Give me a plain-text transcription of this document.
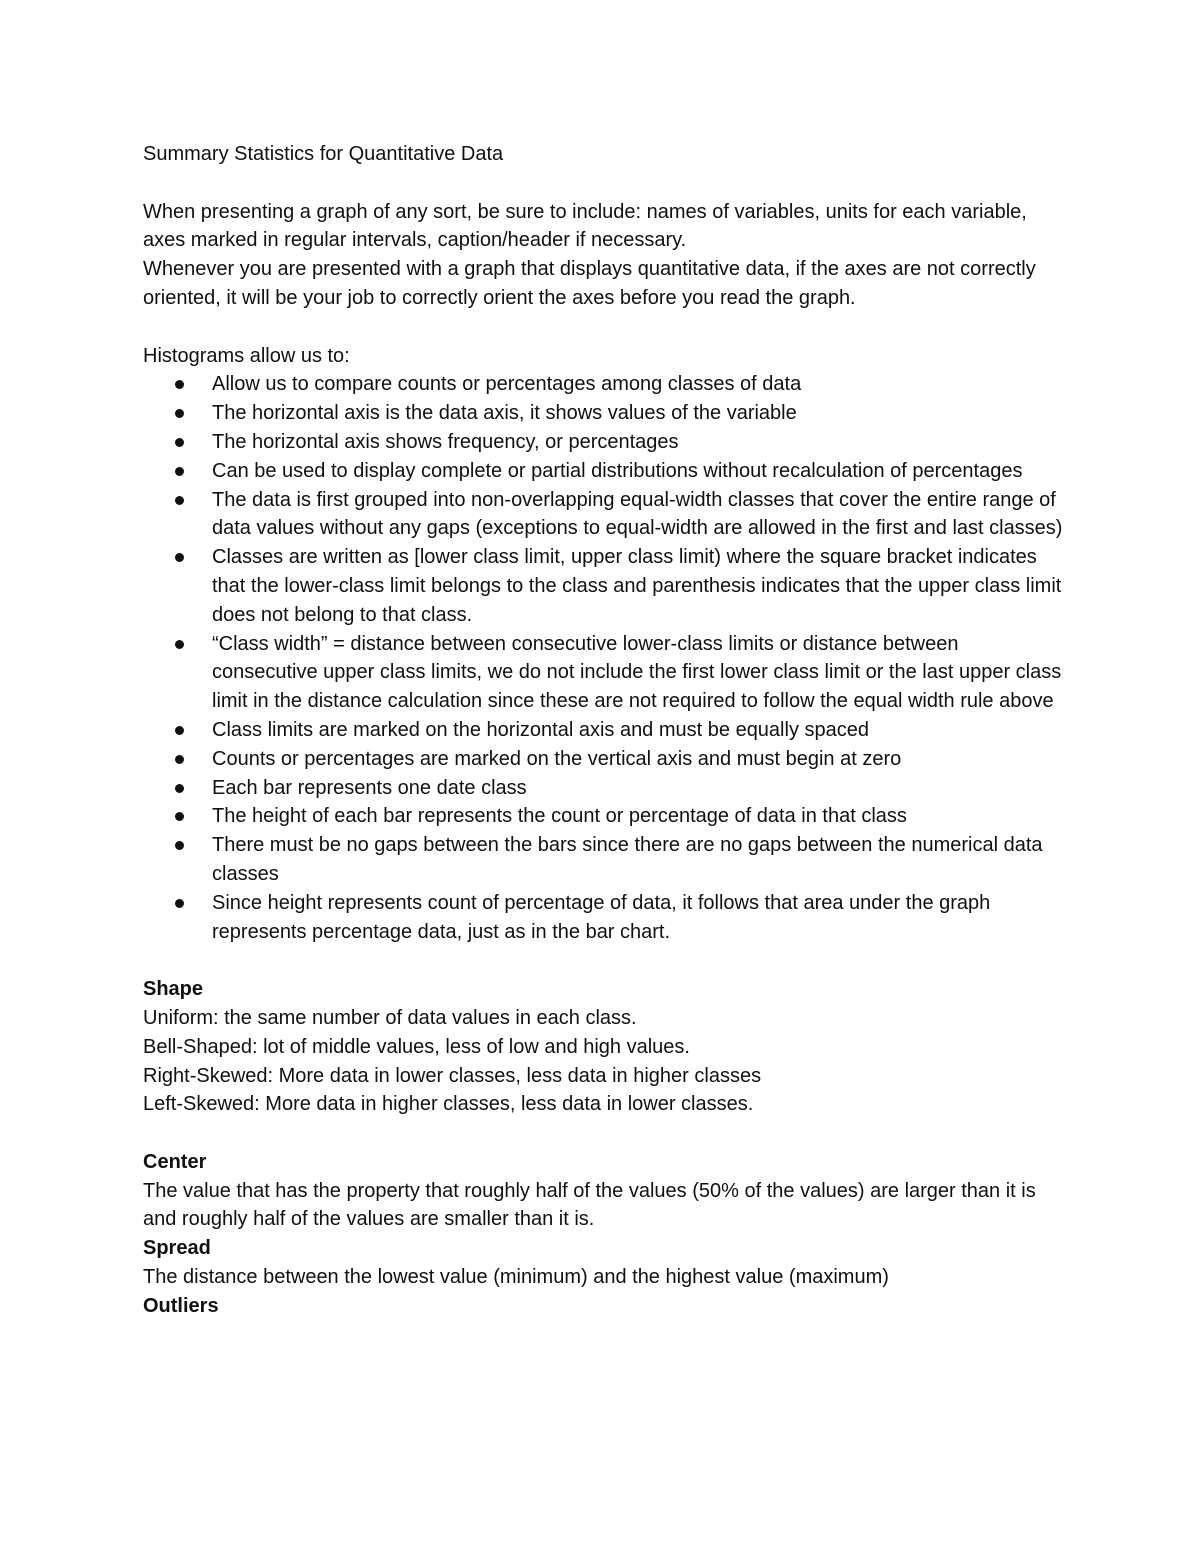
Summary Statistics for Quantitative Data

When presenting a graph of any sort, be sure to include: names of variables, units for each variable, axes marked in regular intervals, caption/header if necessary.

Whenever you are presented with a graph that displays quantitative data, if the axes are not correctly oriented, it will be your job to correctly orient the axes before you read the graph.

Histograms allow us to:

Allow us to compare counts or percentages among classes of data
The horizontal axis is the data axis, it shows values of the variable
The horizontal axis shows frequency, or percentages
Can be used to display complete or partial distributions without recalculation of percentages
The data is first grouped into non-overlapping equal-width classes that cover the entire range of data values without any gaps (exceptions to equal-width are allowed in the first and last classes)
Classes are written as [lower class limit, upper class limit) where the square bracket indicates that the lower-class limit belongs to the class and parenthesis indicates that the upper class limit does not belong to that class.
“Class width” = distance between consecutive lower-class limits or distance between consecutive upper class limits, we do not include the first lower class limit or the last upper class limit in the distance calculation since these are not required to follow the equal width rule above
Class limits are marked on the horizontal axis and must be equally spaced
Counts or percentages are marked on the vertical axis and must begin at zero
Each bar represents one date class
The height of each bar represents the count or percentage of data in that class
There must be no gaps between the bars since there are no gaps between the numerical data classes
Since height represents count of percentage of data, it follows that area under the graph represents percentage data, just as in the bar chart.

Shape

Uniform: the same number of data values in each class.

Bell-Shaped: lot of middle values, less of low and high values.

Right-Skewed: More data in lower classes, less data in higher classes

Left-Skewed: More data in higher classes, less data in lower classes.

Center

The value that has the property that roughly half of the values (50% of the values) are larger than it is and roughly half of the values are smaller than it is.

Spread

The distance between the lowest value (minimum) and the highest value (maximum)

Outliers
